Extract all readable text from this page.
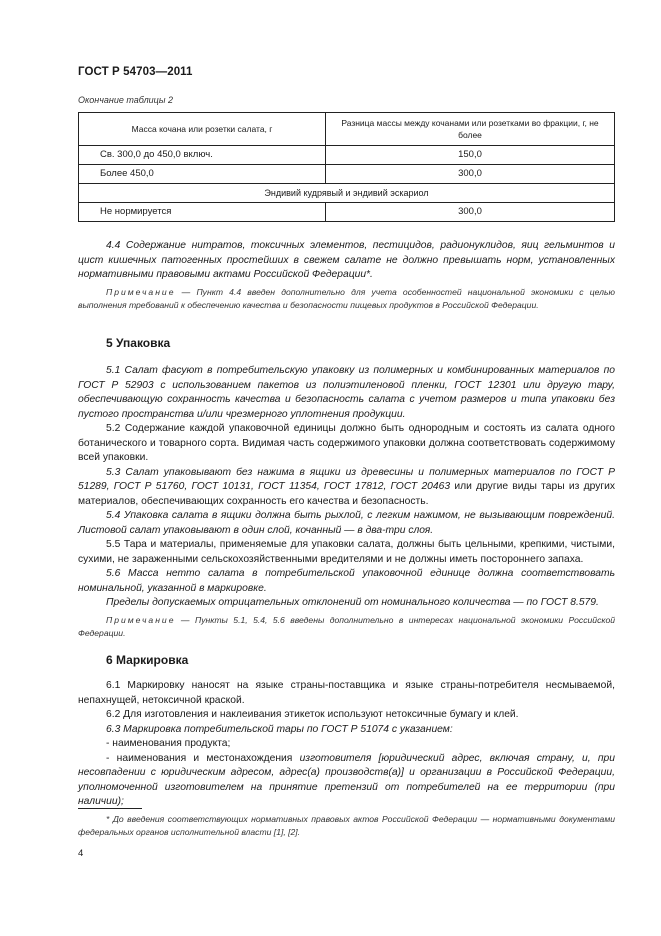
ГОСТ Р 54703—2011
Окончание таблицы 2
Масса кочана или розетки салата, г	Разница массы между кочанами или розетками во фракции, г, не более
Св. 300,0 до 450,0 включ.	150,0
Более 450,0	300,0
Эндивий кудрявый и эндивий эскариол	
Не нормируется	300,0

4.4 Содержание нитратов, токсичных элементов, пестицидов, радионуклидов, яиц гельминтов и цист кишечных патогенных простейших в свежем салате не должно превышать норм, установленных нормативными правовыми актами Российской Федерации*.

Примечание — Пункт 4.4 введен дополнительно для учета особенностей национальной экономики с целью выполнения требований к обеспечению качества и безопасности пищевых продуктов в Российской Федерации.

5 Упаковка

5.1 Салат фасуют в потребительскую упаковку из полимерных и комбинированных материалов по ГОСТ Р 52903 с использованием пакетов из полиэтиленовой пленки, ГОСТ 12301 или другую тару, обеспечивающую сохранность качества и безопасность салата с учетом размеров и типа упаковки без пустого пространства и/или чрезмерного уплотнения продукции.

5.2 Содержание каждой упаковочной единицы должно быть однородным и состоять из салата одного ботанического и товарного сорта. Видимая часть содержимого упаковки должна соответствовать содержимому всей упаковки.

5.3 Салат упаковывают без нажима в ящики из древесины и полимерных материалов по ГОСТ Р 51289, ГОСТ Р 51760, ГОСТ 10131, ГОСТ 11354, ГОСТ 17812, ГОСТ 20463 или другие виды тары из других материалов, обеспечивающих сохранность его качества и безопасность.

5.4 Упаковка салата в ящики должна быть рыхлой, с легким нажимом, не вызывающим повреждений. Листовой салат упаковывают в один слой, кочанный — в два-три слоя.

5.5 Тара и материалы, применяемые для упаковки салата, должны быть цельными, крепкими, чистыми, сухими, не зараженными сельскохозяйственными вредителями и не должны иметь постороннего запаха.

5.6 Масса нетто салата в потребительской упаковочной единице должна соответствовать номинальной, указанной в маркировке.

Пределы допускаемых отрицательных отклонений от номинального количества — по ГОСТ 8.579.

Примечание — Пункты 5.1, 5.4, 5.6 введены дополнительно в интересах национальной экономики Российской Федерации.

6 Маркировка

6.1 Маркировку наносят на языке страны-поставщика и языке страны-потребителя несмываемой, непахнущей, нетоксичной краской.

6.2 Для изготовления и наклеивания этикеток используют нетоксичные бумагу и клей.

6.3 Маркировка потребительской тары по ГОСТ Р 51074 с указанием:

- наименования продукта;

- наименования и местонахождения изготовителя [юридический адрес, включая страну, и, при несовпадении с юридическим адресом, адрес(а) производств(а)] и организации в Российской Федерации, уполномоченной изготовителем на принятие претензий от потребителей на ее территории (при наличии);

* До введения соответствующих нормативных правовых актов Российской Федерации — нормативными документами федеральных органов исполнительной власти [1], [2].

4
